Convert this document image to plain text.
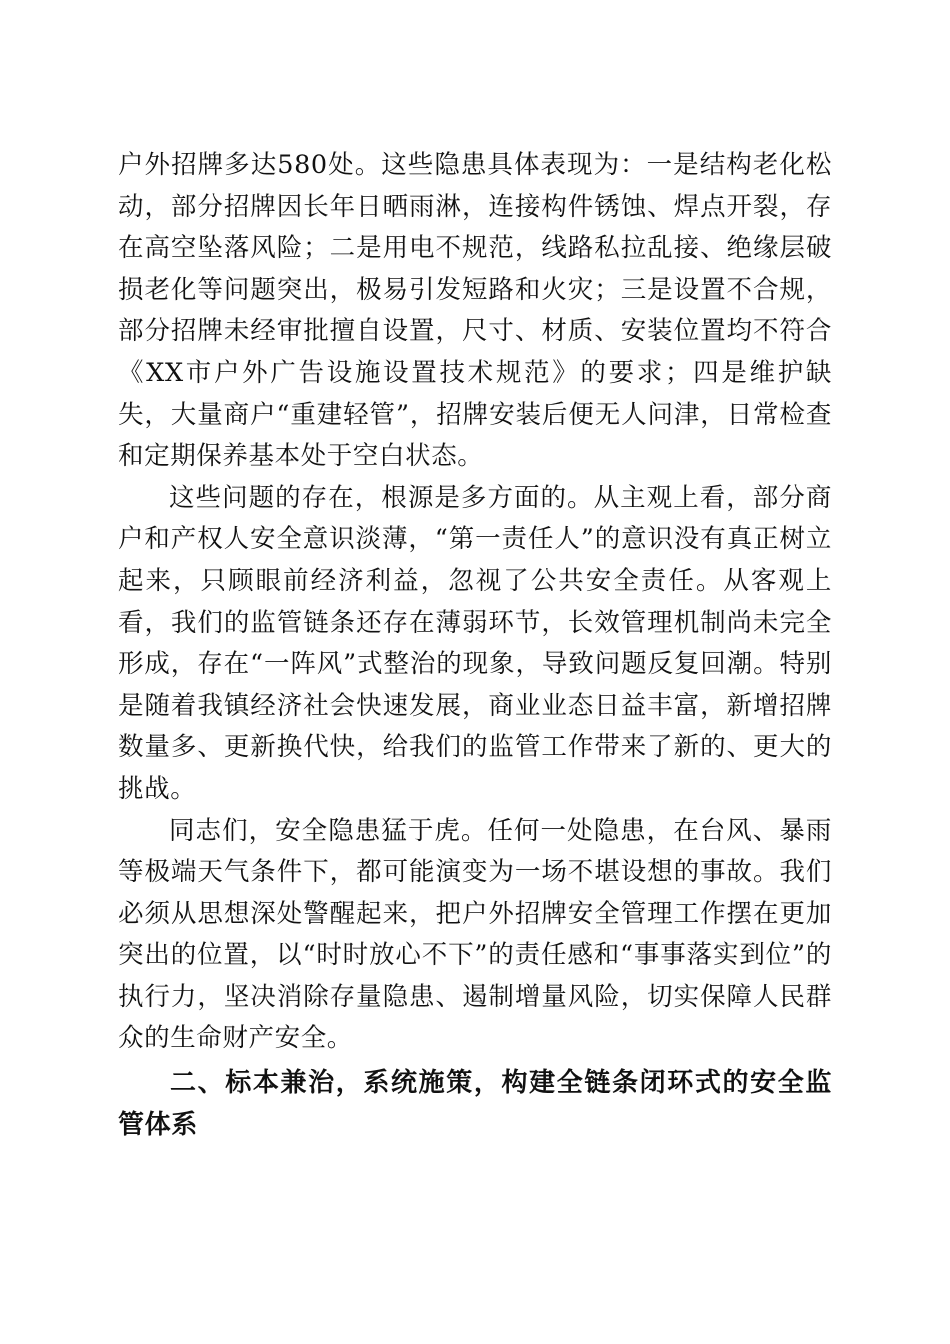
户外招牌多达580处。这些隐患具体表现为：一是结构老化松动，部分招牌因长年日晒雨淋，连接构件锈蚀、焊点开裂，存在高空坠落风险；二是用电不规范，线路私拉乱接、绝缘层破损老化等问题突出，极易引发短路和火灾；三是设置不合规，部分招牌未经审批擅自设置，尺寸、材质、安装位置均不符合《XX市户外广告设施设置技术规范》的要求；四是维护缺失，大量商户“重建轻管”，招牌安装后便无人问津，日常检查和定期保养基本处于空白状态。

这些问题的存在，根源是多方面的。从主观上看，部分商户和产权人安全意识淡薄，“第一责任人”的意识没有真正树立起来，只顾眼前经济利益，忽视了公共安全责任。从客观上看，我们的监管链条还存在薄弱环节，长效管理机制尚未完全形成，存在“一阵风”式整治的现象，导致问题反复回潮。特别是随着我镇经济社会快速发展，商业业态日益丰富，新增招牌数量多、更新换代快，给我们的监管工作带来了新的、更大的挑战。

同志们，安全隐患猛于虎。任何一处隐患，在台风、暴雨等极端天气条件下，都可能演变为一场不堪设想的事故。我们必须从思想深处警醒起来，把户外招牌安全管理工作摆在更加突出的位置，以“时时放心不下”的责任感和“事事落实到位”的执行力，坚决消除存量隐患、遏制增量风险，切实保障人民群众的生命财产安全。

二、标本兼治，系统施策，构建全链条闭环式的安全监管体系
